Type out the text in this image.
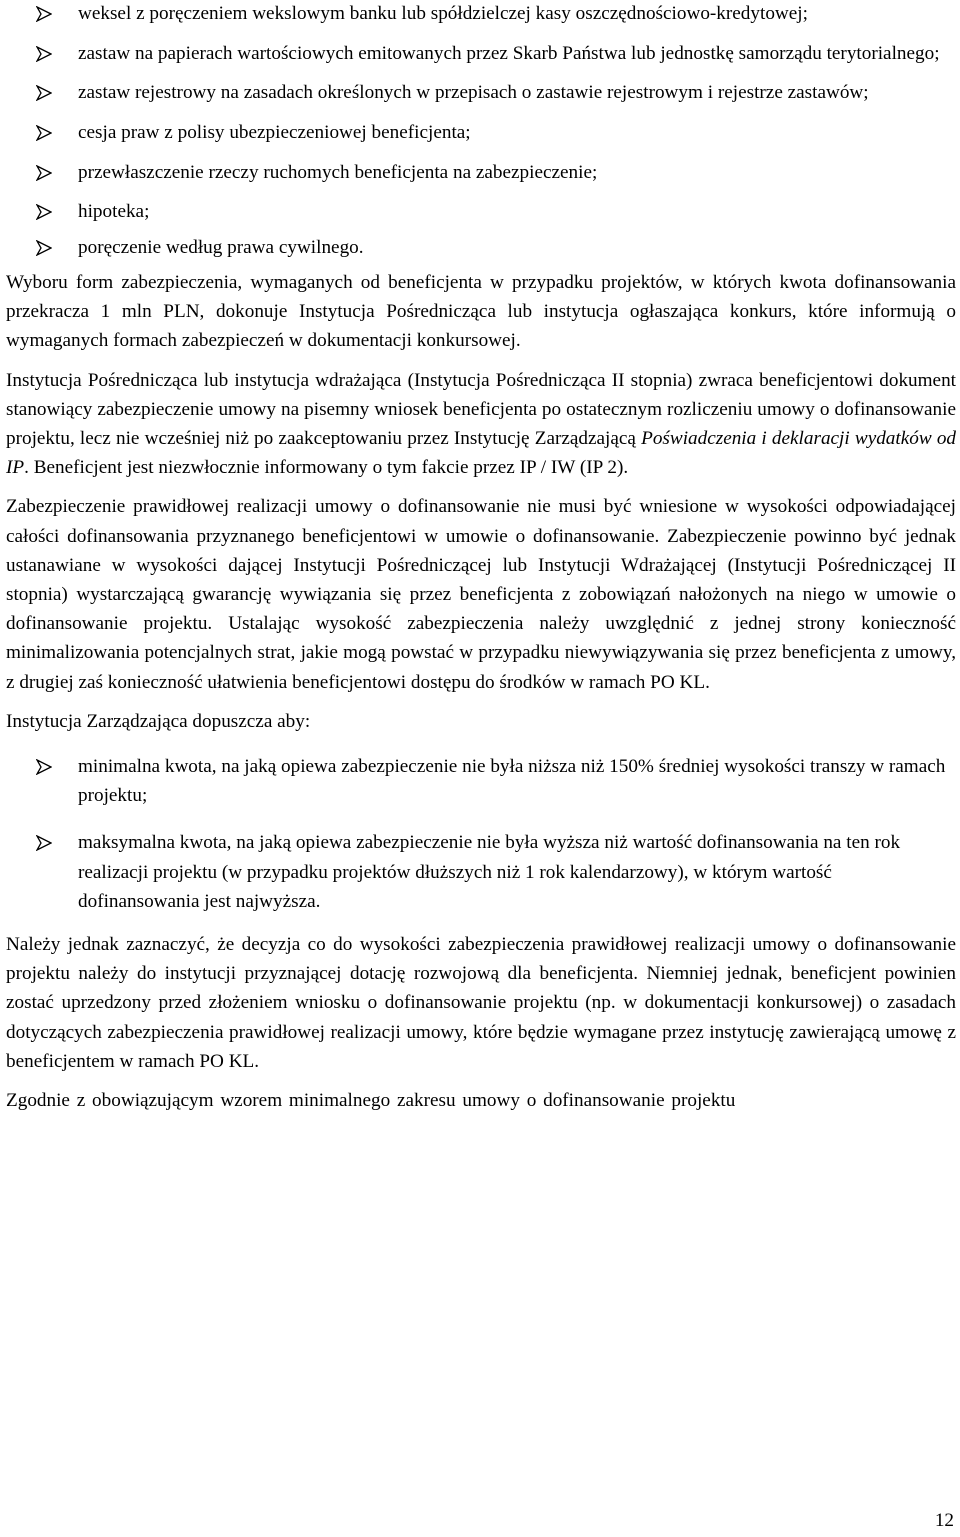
weksel z poręczeniem wekslowym banku lub spółdzielczej kasy oszczędnościowo-kredytowej;
zastaw na papierach wartościowych emitowanych przez Skarb Państwa lub jednostkę samorządu terytorialnego;
zastaw rejestrowy na zasadach określonych w przepisach o zastawie rejestrowym i rejestrze zastawów;
cesja praw z polisy ubezpieczeniowej beneficjenta;
przewłaszczenie rzeczy ruchomych beneficjenta na zabezpieczenie;
hipoteka;
poręczenie według prawa cywilnego.

Wyboru form zabezpieczenia, wymaganych od beneficjenta w przypadku projektów, w których kwota dofinansowania przekracza 1 mln PLN, dokonuje Instytucja Pośrednicząca lub instytucja ogłaszająca konkurs, które informują o wymaganych formach zabezpieczeń w dokumentacji konkursowej.

Instytucja Pośrednicząca lub instytucja wdrażająca (Instytucja Pośrednicząca II stopnia) zwraca beneficjentowi dokument stanowiący zabezpieczenie umowy na pisemny wniosek beneficjenta po ostatecznym rozliczeniu umowy o dofinansowanie projektu, lecz nie wcześniej niż po zaakceptowaniu przez Instytucję Zarządzającą Poświadczenia i deklaracji wydatków od IP. Beneficjent jest niezwłocznie informowany o tym fakcie przez IP / IW (IP 2).

Zabezpieczenie prawidłowej realizacji umowy o dofinansowanie nie musi być wniesione w wysokości odpowiadającej całości dofinansowania przyznanego beneficjentowi w umowie o dofinansowanie. Zabezpieczenie powinno być jednak ustanawiane w wysokości dającej Instytucji Pośredniczącej lub Instytucji Wdrażającej (Instytucji Pośredniczącej II stopnia) wystarczającą gwarancję wywiązania się przez beneficjenta z zobowiązań nałożonych na niego w umowie o dofinansowanie projektu. Ustalając wysokość zabezpieczenia należy uwzględnić z jednej strony konieczność minimalizowania potencjalnych strat, jakie mogą powstać w przypadku niewywiązywania się przez beneficjenta z umowy, z drugiej zaś konieczność ułatwienia beneficjentowi dostępu do środków w ramach PO KL.

Instytucja Zarządzająca dopuszcza aby:

minimalna kwota, na jaką opiewa zabezpieczenie nie była niższa niż 150% średniej wysokości transzy w ramach projektu;
maksymalna kwota, na jaką opiewa zabezpieczenie nie była wyższa niż wartość dofinansowania na ten rok realizacji projektu (w przypadku projektów dłuższych niż 1 rok kalendarzowy), w którym wartość dofinansowania jest najwyższa.

Należy jednak zaznaczyć, że decyzja co do wysokości zabezpieczenia prawidłowej realizacji umowy o dofinansowanie projektu należy do instytucji przyznającej dotację rozwojową dla beneficjenta. Niemniej jednak, beneficjent powinien zostać uprzedzony przed złożeniem wniosku o dofinansowanie projektu (np. w dokumentacji konkursowej) o zasadach dotyczących zabezpieczenia prawidłowej realizacji umowy, które będzie wymagane przez instytucję zawierającą umowę z beneficjentem w ramach PO KL.

Zgodnie z obowiązującym wzorem minimalnego zakresu umowy o dofinansowanie projektu

12
